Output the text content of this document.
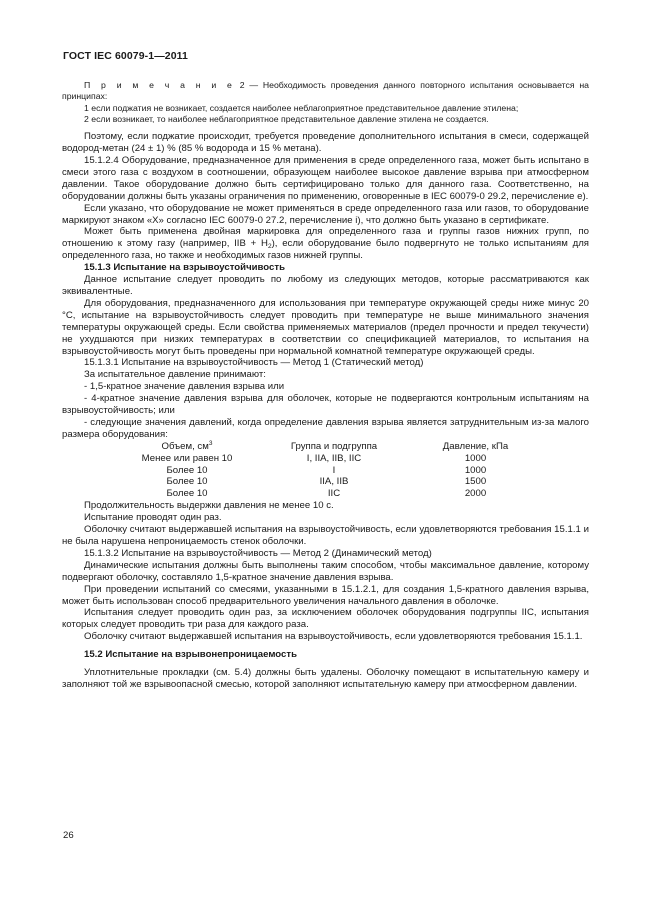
ГОСТ IEC 60079-1—2011

П р и м е ч а н и е 2 — Необходимость проведения данного повторного испытания основывается на принципах:

1 если поджатия не возникает, создается наиболее неблагоприятное представительное давление этилена;

2 если возникает, то наиболее неблагоприятное представительное давление этилена не создается.

Поэтому, если поджатие происходит, требуется проведение дополнительного испытания в смеси, содержащей водород-метан (24 ± 1) % (85 % водорода и 15 % метана).

15.1.2.4 Оборудование, предназначенное для применения в среде определенного газа, может быть испытано в смеси этого газа с воздухом в соотношении, образующем наиболее высокое давление взрыва при атмосферном давлении. Такое оборудование должно быть сертифицировано только для данного газа. Соответственно, на оборудовании должны быть указаны ограничения по применению, оговоренные в IEC 60079-0 29.2, перечисление е).

Если указано, что оборудование не может применяться в среде определенного газа или газов, то оборудование маркируют знаком «X» согласно IEC 60079-0 27.2, перечисление i), что должно быть указано в сертификате.

Может быть применена двойная маркировка для определенного газа и группы газов нижних групп, по отношению к этому газу (например, IIB + $H_2$), если оборудование было подвергнуто не только испытаниям для определенного газа, но также и необходимых газов нижней группы.

15.1.3 Испытание на взрывоустойчивость

Данное испытание следует проводить по любому из следующих методов, которые рассматриваются как эквивалентные.

Для оборудования, предназначенного для использования при температуре окружающей среды ниже минус 20 °С, испытание на взрывоустойчивость следует проводить при температуре не выше минимального значения температуры окружающей среды. Если свойства применяемых материалов (предел прочности и предел текучести) не ухудшаются при низких температурах в соответствии со спецификацией материалов, то испытания на взрывоустойчивость могут быть проведены при нормальной комнатной температуре окружающей среды.

15.1.3.1 Испытание на взрывоустойчивость — Метод 1 (Статический метод)

За испытательное давление принимают:

- 1,5-кратное значение давления взрыва или

- 4-кратное значение давления взрыва для оболочек, которые не подвергаются контрольным испытаниям на взрывоустойчивость; или

- следующие значения давлений, когда определение давления взрыва является затруднительным из-за малого размера оборудования:

Объем, $см^3$	Группа и подгруппа	Давление, кПа
Менее или равен 10	I, IIA, IIB, IIC	1000
Более 10	I	1000
Более 10	IIA, IIB	1500
Более 10	IIC	2000

Продолжительность выдержки давления не менее 10 с.

Испытание проводят один раз.

Оболочку считают выдержавшей испытания на взрывоустойчивость, если удовлетворяются требования 15.1.1 и не была нарушена непроницаемость стенок оболочки.

15.1.3.2 Испытание на взрывоустойчивость — Метод 2 (Динамический метод)

Динамические испытания должны быть выполнены таким способом, чтобы максимальное давление, которому подвергают оболочку, составляло 1,5-кратное значение давления взрыва.

При проведении испытаний со смесями, указанными в 15.1.2.1, для создания 1,5-кратного давления взрыва, может быть использован способ предварительного увеличения начального давления в оболочке.

Испытания следует проводить один раз, за исключением оболочек оборудования подгруппы IIC, испытания которых следует проводить три раза для каждого раза.

Оболочку считают выдержавшей испытания на взрывоустойчивость, если удовлетворяются требования 15.1.1.

15.2 Испытание на взрывонепроницаемость

Уплотнительные прокладки (см. 5.4) должны быть удалены. Оболочку помещают в испытательную камеру и заполняют той же взрывоопасной смесью, которой заполняют испытательную камеру при атмосферном давлении.

26
